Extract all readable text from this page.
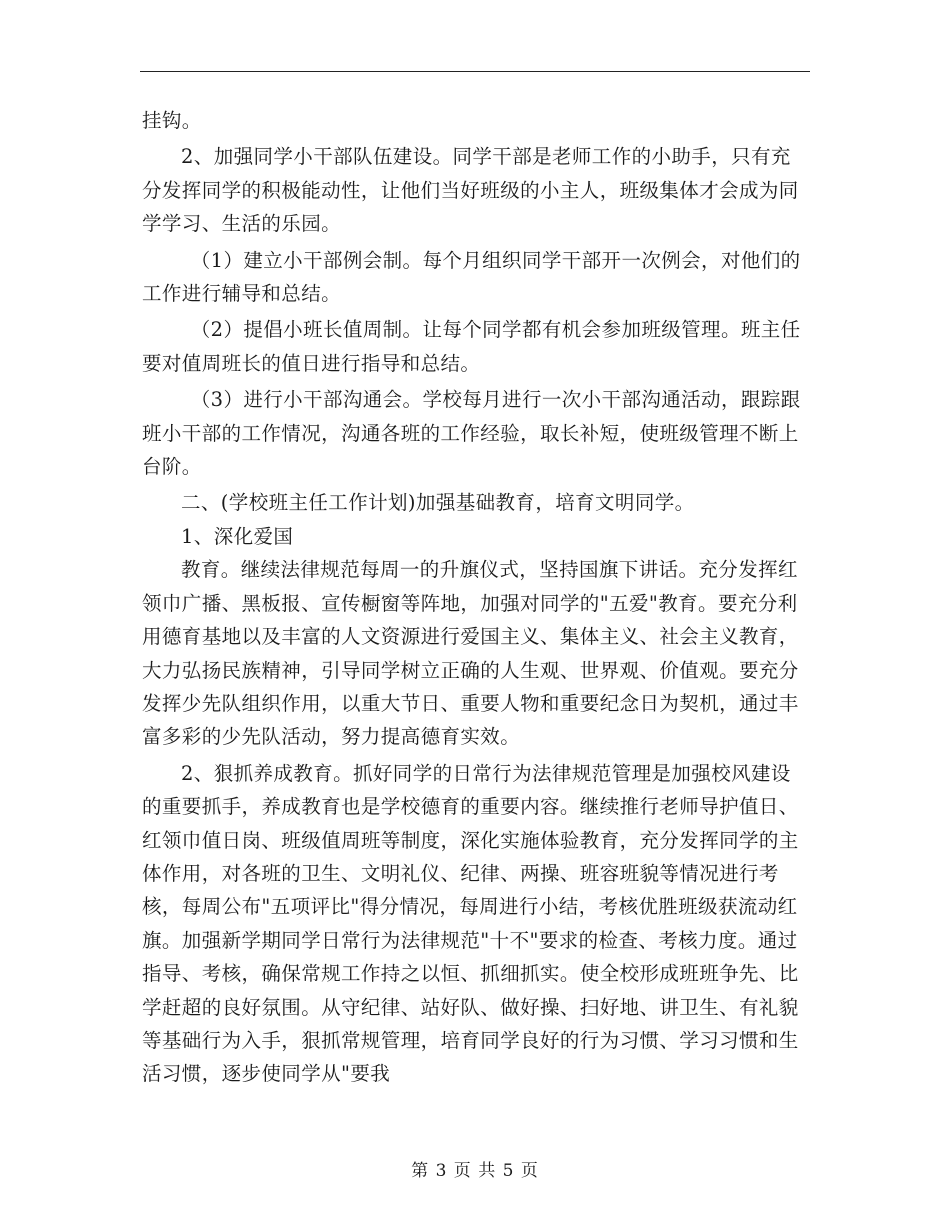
挂钩。

2、加强同学小干部队伍建设。同学干部是老师工作的小助手，只有充分发挥同学的积极能动性，让他们当好班级的小主人，班级集体才会成为同学学习、生活的乐园。

（1）建立小干部例会制。每个月组织同学干部开一次例会，对他们的工作进行辅导和总结。

（2）提倡小班长值周制。让每个同学都有机会参加班级管理。班主任要对值周班长的值日进行指导和总结。

（3）进行小干部沟通会。学校每月进行一次小干部沟通活动，跟踪跟班小干部的工作情况，沟通各班的工作经验，取长补短，使班级管理不断上台阶。

二、(学校班主任工作计划)加强基础教育，培育文明同学。

1、深化爱国

教育。继续法律规范每周一的升旗仪式，坚持国旗下讲话。充分发挥红领巾广播、黑板报、宣传橱窗等阵地，加强对同学的"五爱"教育。要充分利用德育基地以及丰富的人文资源进行爱国主义、集体主义、社会主义教育，大力弘扬民族精神，引导同学树立正确的人生观、世界观、价值观。要充分发挥少先队组织作用，以重大节日、重要人物和重要纪念日为契机，通过丰富多彩的少先队活动，努力提高德育实效。

2、狠抓养成教育。抓好同学的日常行为法律规范管理是加强校风建设的重要抓手，养成教育也是学校德育的重要内容。继续推行老师导护值日、红领巾值日岗、班级值周班等制度，深化实施体验教育，充分发挥同学的主体作用，对各班的卫生、文明礼仪、纪律、两操、班容班貌等情况进行考核，每周公布"五项评比"得分情况，每周进行小结，考核优胜班级获流动红旗。加强新学期同学日常行为法律规范"十不"要求的检查、考核力度。通过指导、考核，确保常规工作持之以恒、抓细抓实。使全校形成班班争先、比学赶超的良好氛围。从守纪律、站好队、做好操、扫好地、讲卫生、有礼貌等基础行为入手，狠抓常规管理，培育同学良好的行为习惯、学习习惯和生活习惯，逐步使同学从"要我

第 3 页 共 5 页
